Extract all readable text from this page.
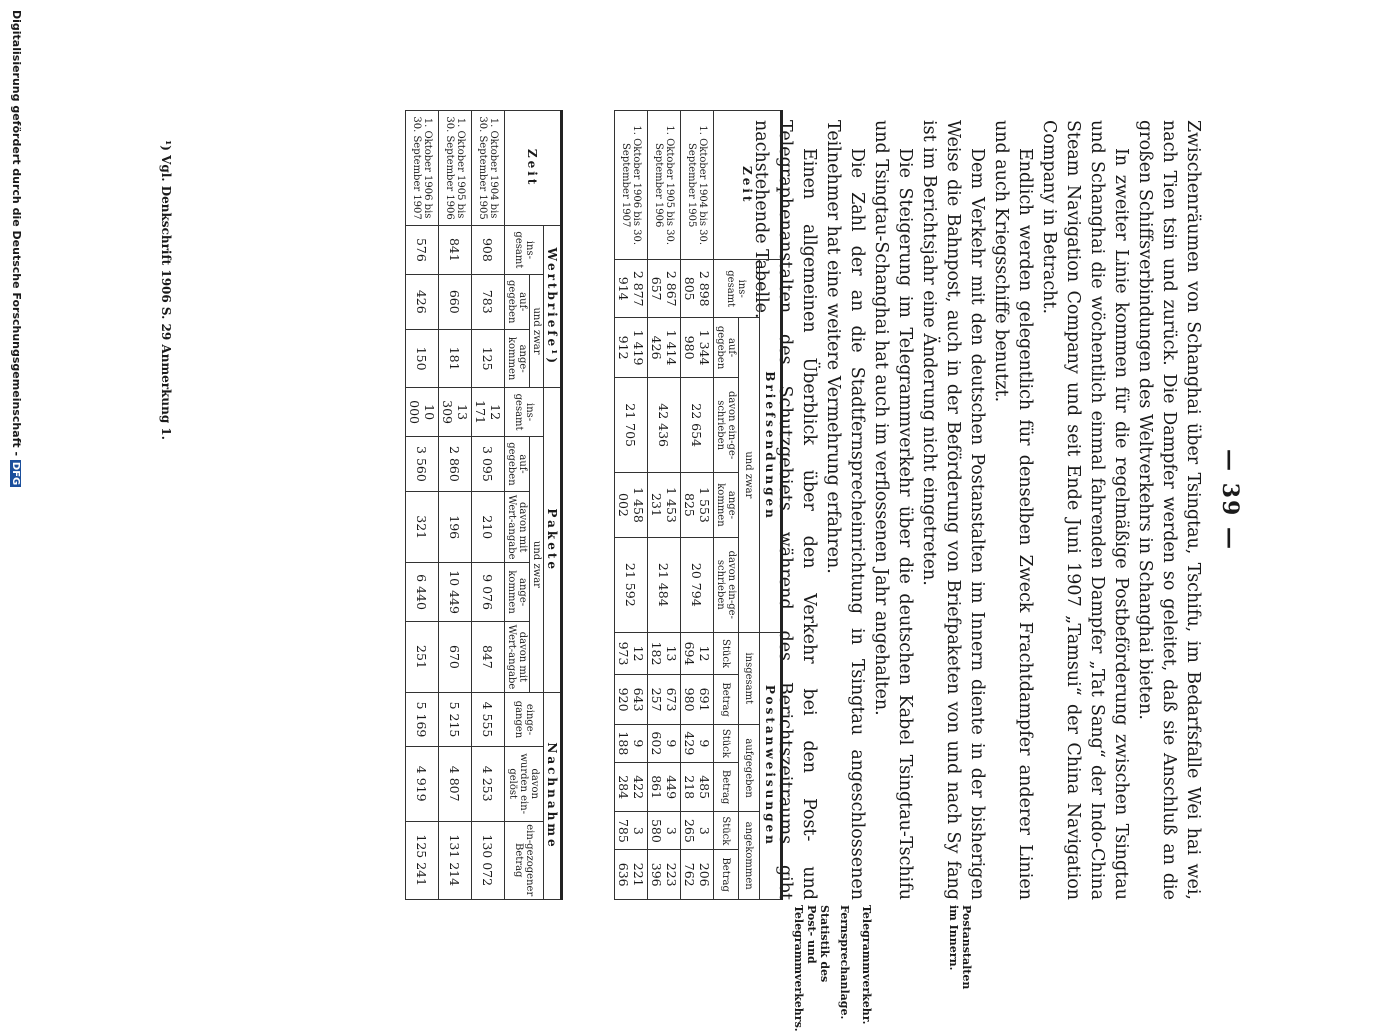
— 39 —

Zwischenräumen von Schanghai über Tsingtau, Tschifu, im Bedarfsfalle Wei hai wei, nach Tien tsin und zurück. Die Dampfer werden so geleitet, daß sie Anschluß an die großen Schiffsverbindungen des Weltverkehrs in Schanghai bieten.

In zweiter Linie kommen für die regelmäßige Postbeförderung zwischen Tsingtau und Schanghai die wöchentlich einmal fahrenden Dampfer „Tat Sang“ der Indo-China Steam Navigation Company und seit Ende Juni 1907 „Tamsui“ der China Navigation Company in Betracht.

Endlich werden gelegentlich für denselben Zweck Frachtdampfer anderer Linien und auch Kriegsschiffe benutzt.

Dem Verkehr mit den deutschen Postanstalten im Innern diente in der bisherigen Weise die Bahnpost, auch in der Beförderung von Briefpaketen von und nach Sy fang ist im Berichtsjahr eine Änderung nicht eingetreten.

Die Steigerung im Telegrammverkehr über die deutschen Kabel Tsingtau-Tschifu und Tsingtau-Schanghai hat auch im verflossenen Jahr angehalten.

Die Zahl der an die Stadtfernsprecheinrichtung in Tsingtau angeschlossenen Teilnehmer hat eine weitere Vermehrung erfahren.

Einen allgemeinen Überblick über den Verkehr bei den Post- und Telegraphenanstalten des Schutzgebiets während des Berichtszeitraums gibt nachstehende Tabelle.

Postanstalten im Innern.
Telegrammverkehr.
Fernsprechanlage.
Statistik des Post- und Telegrammverkehrs.
Zeit	Briefsendungen					Postanweisungen					
	ins-gesamt	und zwar				insgesamt		aufgegeben		angekommen	
		auf-gegeben	davon ein-ge-schrieben	ange-kommen	davon ein-ge-schrieben	Stück	Betrag	Stück	Betrag	Stück	Betrag
1. Oktober 1904 bis 30. September 1905	2 898 805	1 344 980	22 654	1 553 825	20 794	12 694	691 980	9 429	485 218	3 265	206 762
1. Oktober 1905 bis 30. September 1906	2 867 657	1 414 426	42 436	1 453 231	21 484	13 182	673 257	9 602	449 861	3 580	223 396
1. Oktober 1906 bis 30. September 1907	2 877 914	1 419 912	21 705	1 458 002	21 592	12 973	643 920	9 188	422 284	3 785	221 636
Zeit	Wertbriefe¹)			Pakete					Nachnahme		
	ins-gesamt	und zwar		ins-gesamt	und zwar				einge-gangen	davon wurden ein-gelöst	ein-gezogener Betrag
		auf-gegeben	ange-kommen		auf-gegeben	davon mit Wert-angabe	ange-kommen	davon mit Wert-angabe			
1. Oktober 1904 bis 30. September 1905	908	783	125	12 171	3 095	210	9 076	847	4 555	4 253	130 072
1. Oktober 1905 bis 30. September 1906	841	660	181	13 309	2 860	196	10 449	670	5 215	4 807	131 214
1. Oktober 1906 bis 30. September 1907	576	426	150	10 000	3 560	321	6 440	251	5 169	4 919	125 241
¹) Vgl. Denkschrift 1906 S. 29 Anmerkung 1.
Digitalisierung gefördert durch die Deutsche Forschungsgemeinschaft - DFG
